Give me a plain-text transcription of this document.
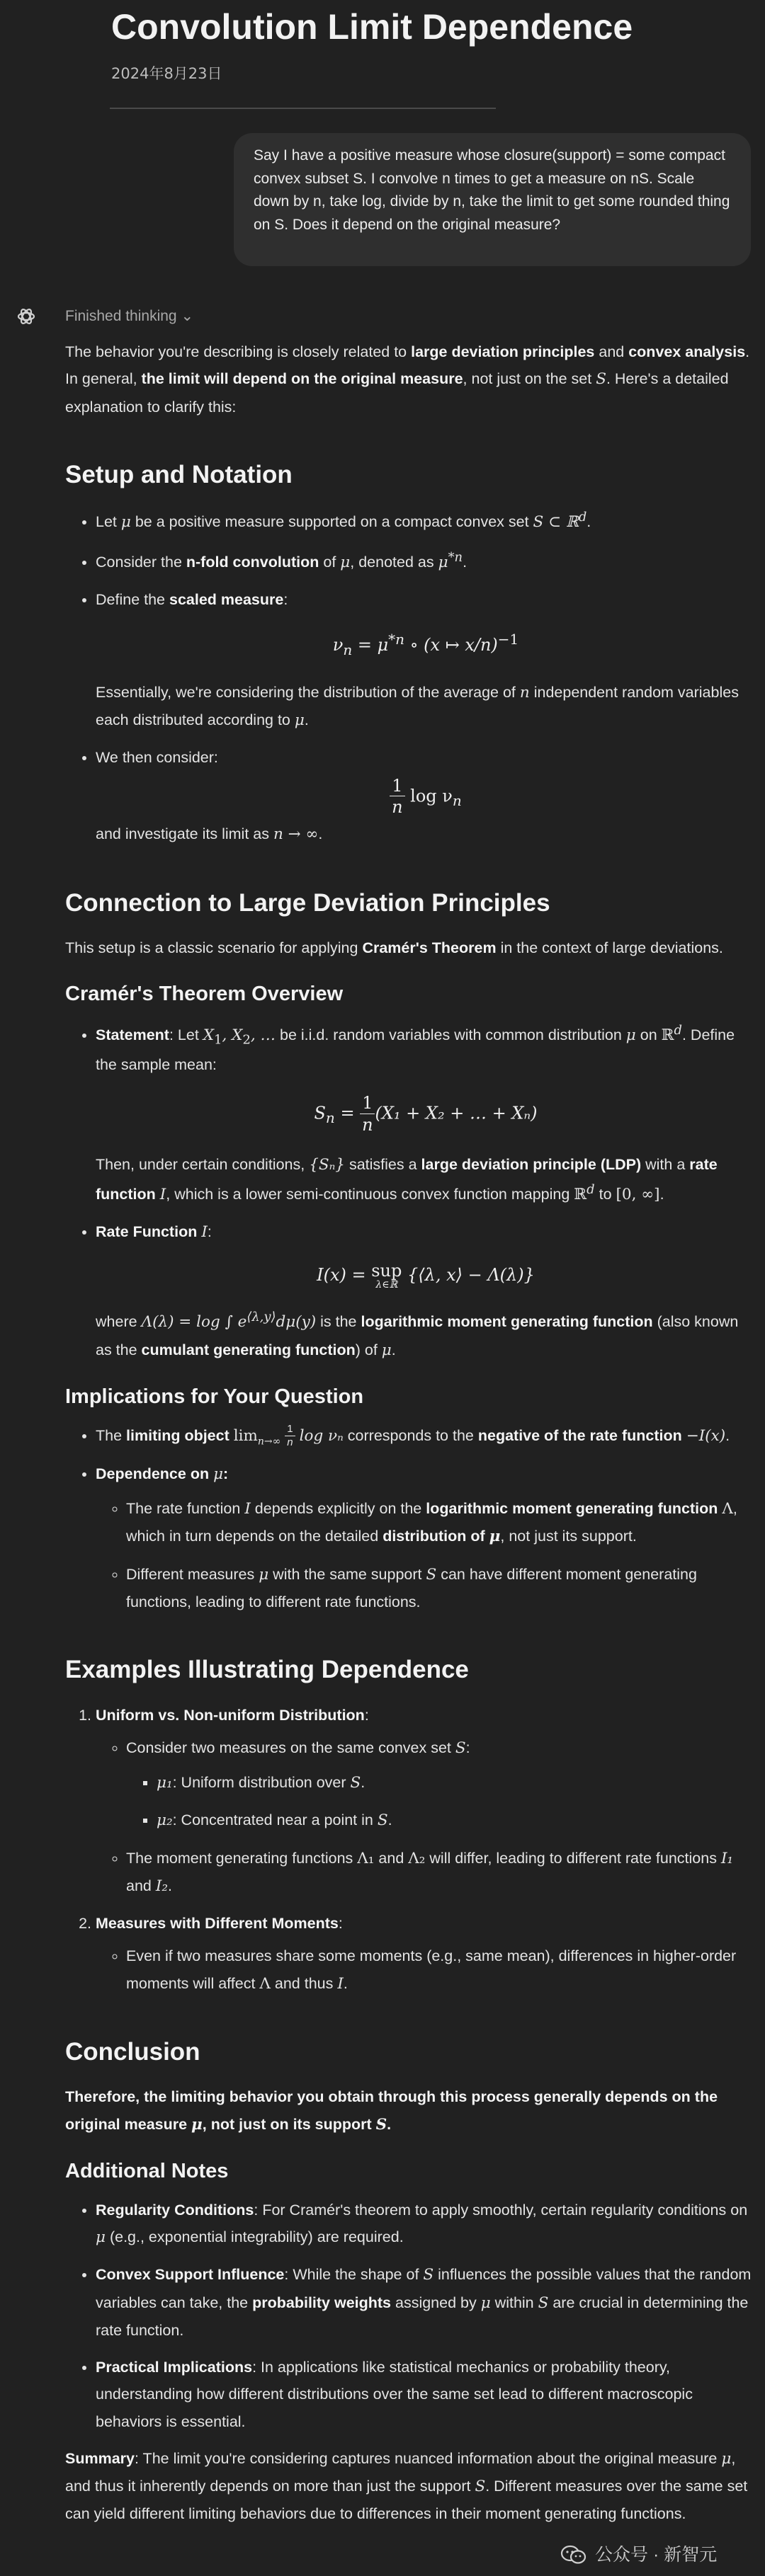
Convolution Limit Dependence
2024年8月23日
Say I have a positive measure whose closure(support) = some compact convex subset S. I convolve n times to get a measure on nS. Scale down by n, take log, divide by n, take the limit to get some rounded thing on S. Does it depend on the original measure?
Finished thinking ⌄

The behavior you're describing is closely related to large deviation principles and convex analysis. In general, the limit will depend on the original measure, not just on the set S. Here's a detailed explanation to clarify this:

Setup and Notation
• Let μ be a positive measure supported on a compact convex set S ⊂ ℝ$^d$.
• Consider the n-fold convolution of μ, denoted as $\mu^{*n}$.
• Define the scaled measure:
$\nu_n = \mu^{*n}$ ∘ (x ↦ x/n)$^{-1}$

Essentially, we're considering the distribution of the average of n independent random variables each distributed according to μ.

• We then consider:
$\frac{1}{n}$ $\log \nu_n$
and investigate its limit as n → ∞.
Connection to Large Deviation Principles

This setup is a classic scenario for applying Cramér's Theorem in the context of large deviations.

Cramér's Theorem Overview
• Statement: Let $X_1$, $X_2$, … be i.i.d. random variables with common distribution μ on ℝ$^d$. Define the sample mean:
$S_n = \frac{1}{n} (X_1 + X_2$ + … + Xₙ)

Then, under certain conditions, {Sₙ} satisfies a large deviation principle (LDP) with a rate function I, which is a lower semi-continuous convex function mapping ℝ$^d$ to [0, ∞].

• Rate Function I:
I(x) = sup
λ∈ℝ {⟨λ, x⟩ − Λ(λ)}

where Λ(λ) = log ∫ $e^{⟨\lambda,y⟩}d\mu(y)$ is the logarithmic moment generating function (also known as the cumulant generating function) of μ.

Implications for Your Question
• The limiting object $\lim_{n\to\infty} \frac{1}{n}$ log νₙ corresponds to the negative of the rate function −I(x).
• Dependence on μ:
◦ The rate function I depends explicitly on the logarithmic moment generating function Λ, which in turn depends on the detailed distribution of μ, not just its support.
◦ Different measures μ with the same support S can have different moment generating functions, leading to different rate functions.
Examples Illustrating Dependence
1. Uniform vs. Non-uniform Distribution:
◦ Consider two measures on the same convex set S:
▪ μ₁: Uniform distribution over S.
▪ μ₂: Concentrated near a point in S.
◦ The moment generating functions Λ₁ and Λ₂ will differ, leading to different rate functions I₁ and I₂.
2. Measures with Different Moments:
◦ Even if two measures share some moments (e.g., same mean), differences in higher-order moments will affect Λ and thus I.
Conclusion

Therefore, the limiting behavior you obtain through this process generally depends on the original measure μ, not just on its support S.

Additional Notes
• Regularity Conditions: For Cramér's theorem to apply smoothly, certain regularity conditions on μ (e.g., exponential integrability) are required.
• Convex Support Influence: While the shape of S influences the possible values that the random variables can take, the probability weights assigned by μ within S are crucial in determining the rate function.
• Practical Implications: In applications like statistical mechanics or probability theory, understanding how different distributions over the same set lead to different macroscopic behaviors is essential.

Summary: The limit you're considering captures nuanced information about the original measure μ, and thus it inherently depends on more than just the support S. Different measures over the same set can yield different limiting behaviors due to differences in their moment generating functions.

公众号 · 新智元
